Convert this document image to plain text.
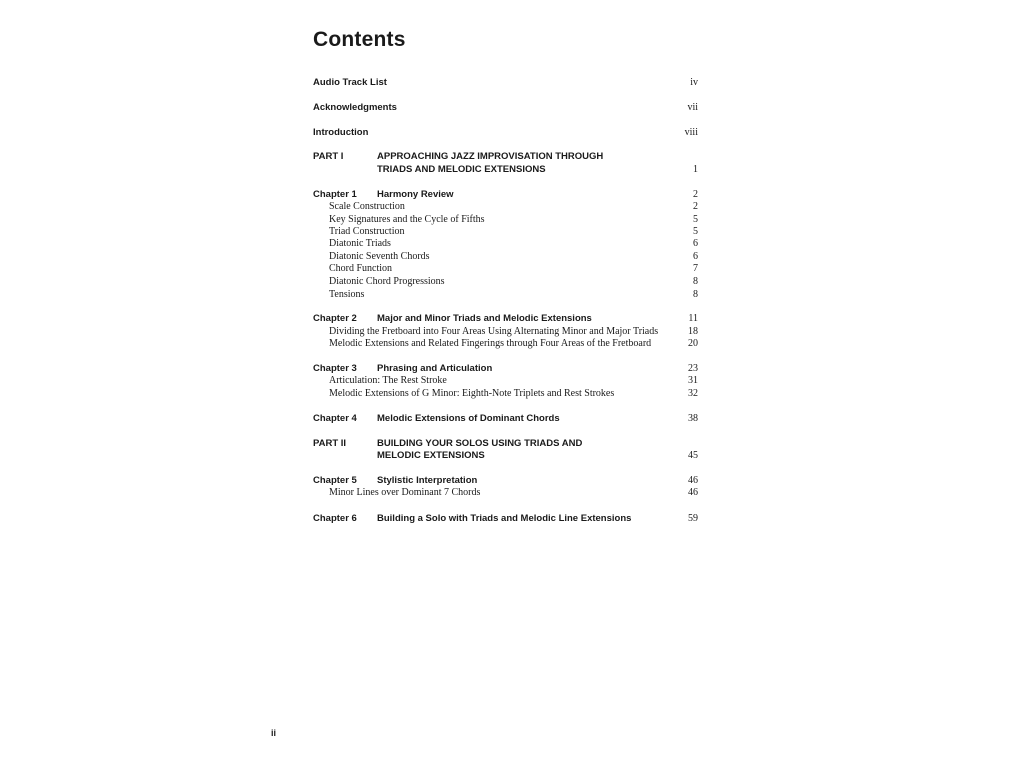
Contents
Audio Track List	iv
Acknowledgments	vii
Introduction	viii
PART I	APPROACHING JAZZ IMPROVISATION THROUGH
TRIADS AND MELODIC EXTENSIONS	1
Chapter 1 Harmony Review	2
Scale Construction	2
Key Signatures and the Cycle of Fifths	5
Triad Construction	5
Diatonic Triads	6
Diatonic Seventh Chords	6
Chord Function	7
Diatonic Chord Progressions	8
Tensions	8
Chapter 2 Major and Minor Triads and Melodic Extensions	11
Dividing the Fretboard into Four Areas Using Alternating Minor and Major Triads	18
Melodic Extensions and Related Fingerings through Four Areas of the Fretboard	20
Chapter 3 Phrasing and Articulation	23
Articulation: The Rest Stroke	31
Melodic Extensions of G Minor: Eighth-Note Triplets and Rest Strokes	32
Chapter 4 Melodic Extensions of Dominant Chords	38
PART II	BUILDING YOUR SOLOS USING TRIADS AND
MELODIC EXTENSIONS	45
Chapter 5 Stylistic Interpretation	46
Minor Lines over Dominant 7 Chords	46
Chapter 6 Building a Solo with Triads and Melodic Line Extensions	59
ii
